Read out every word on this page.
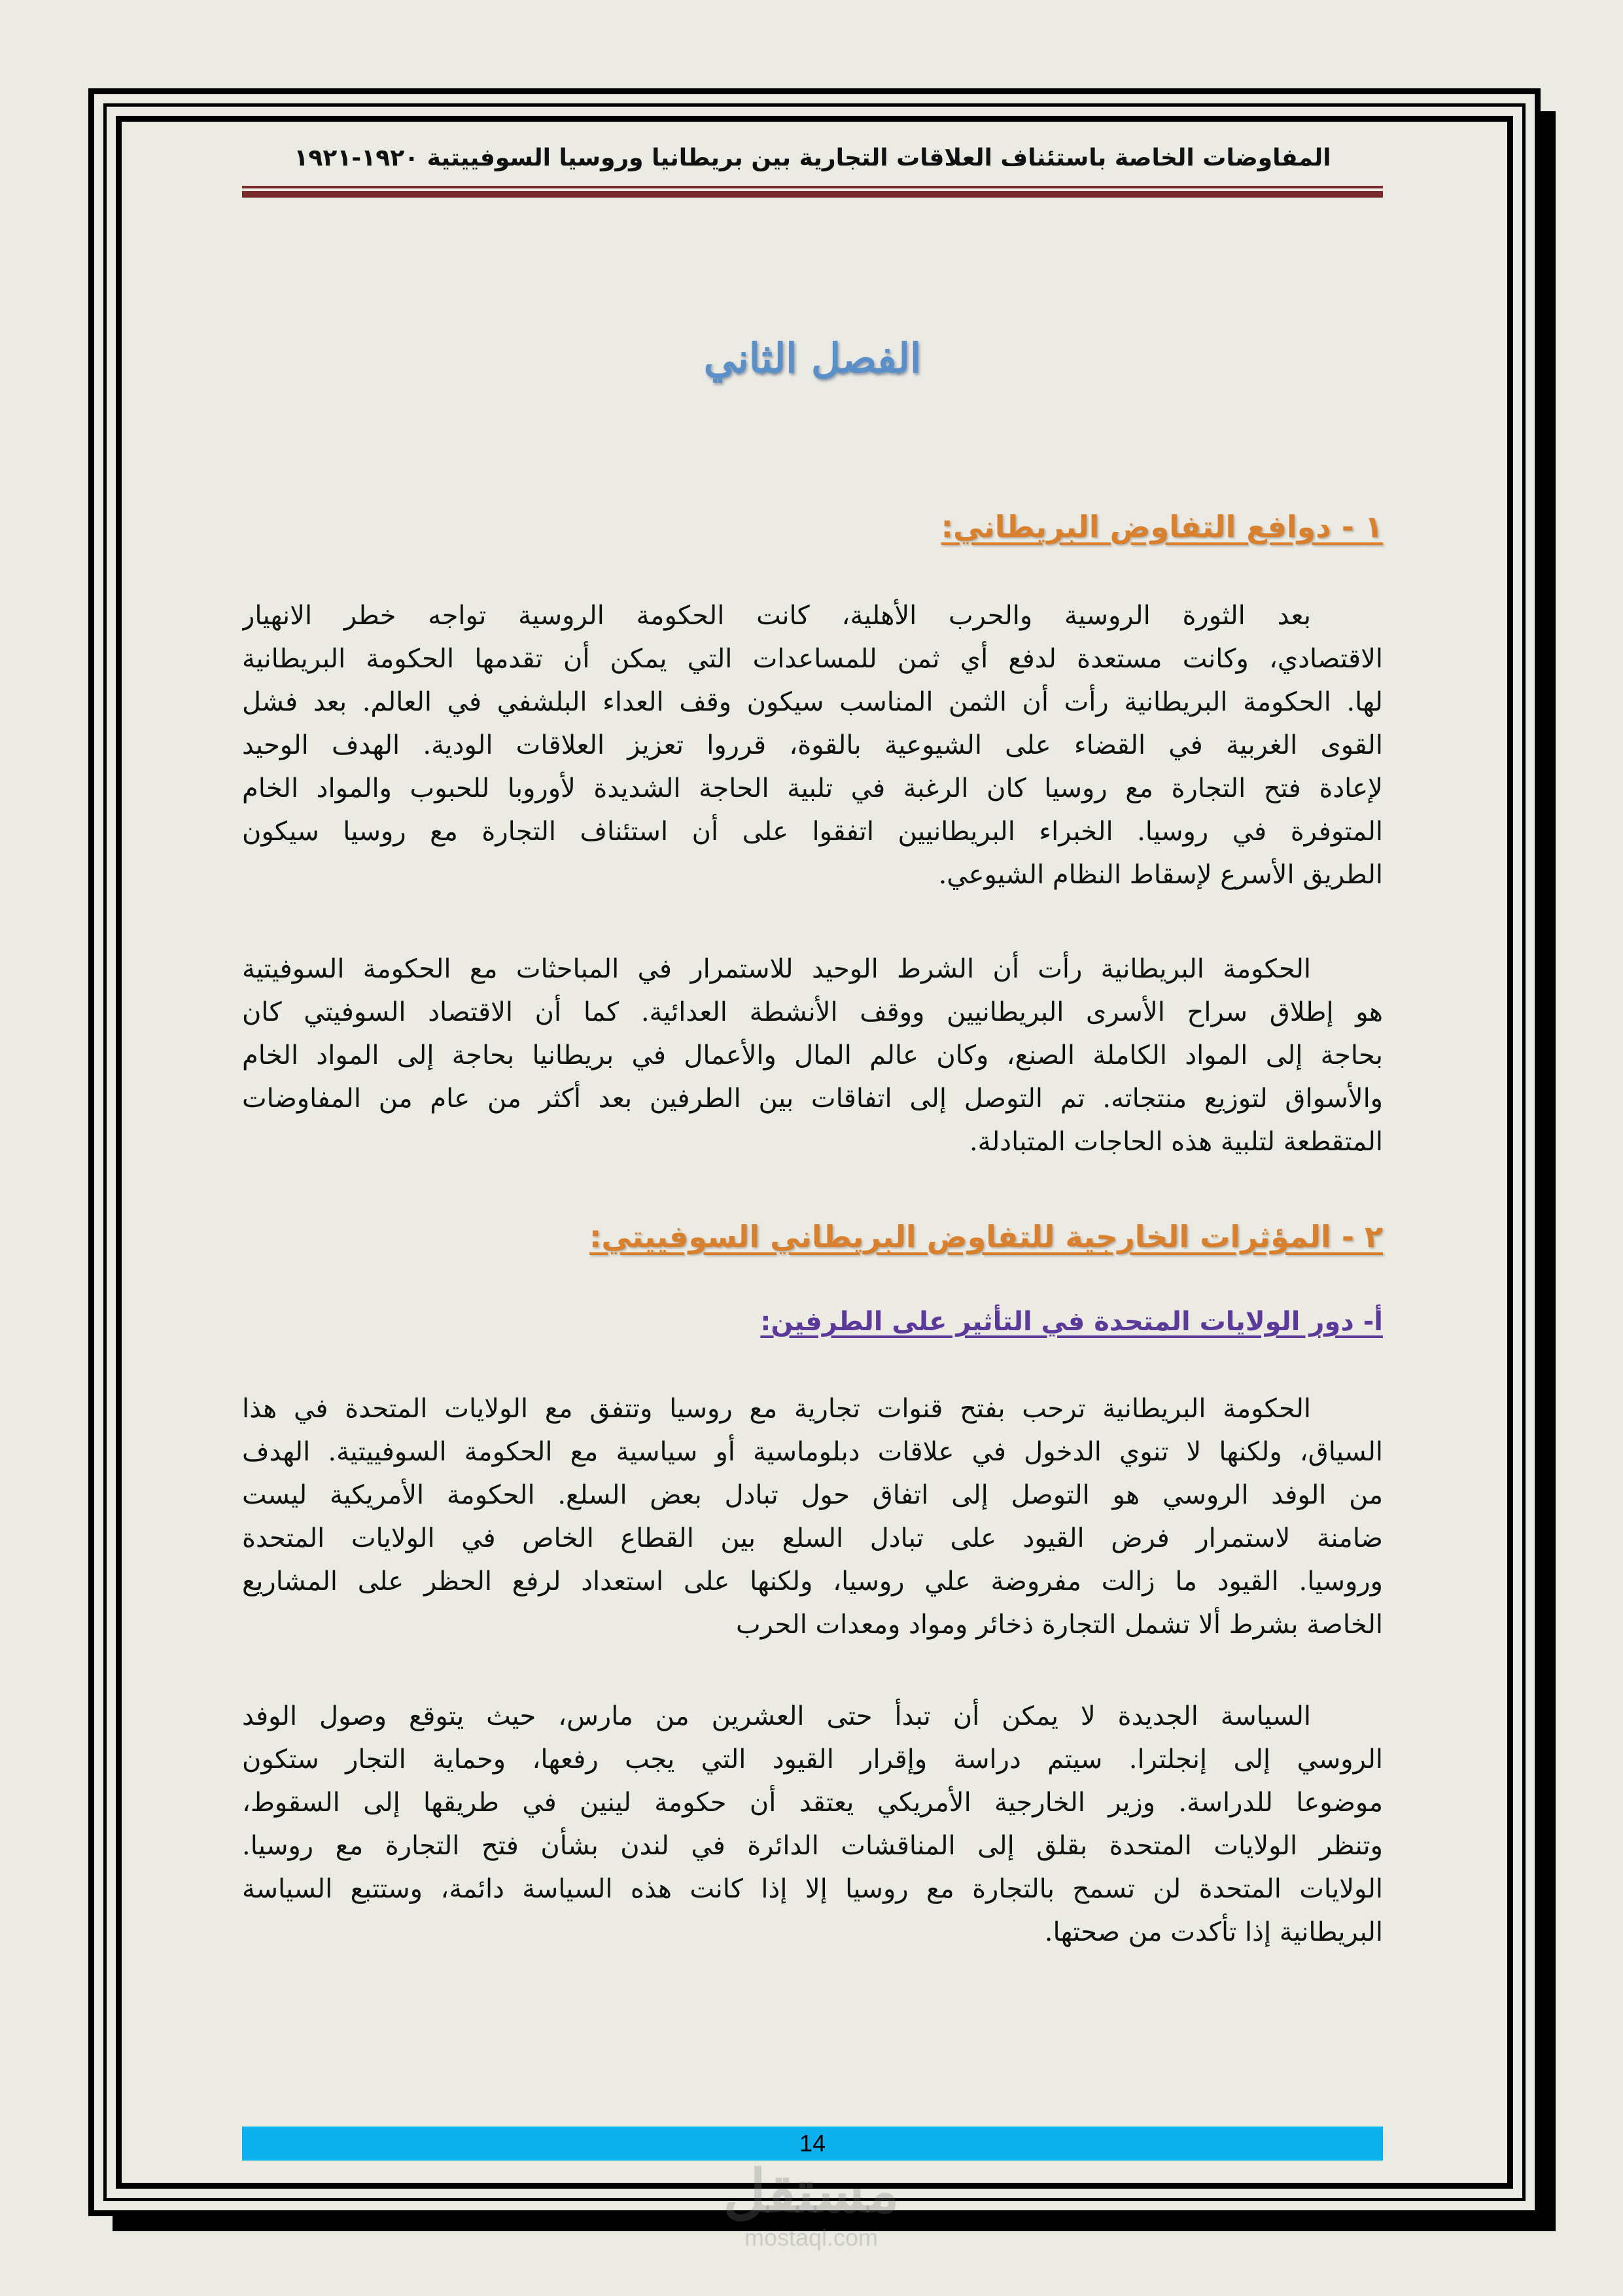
المفاوضات الخاصة باستئناف العلاقات التجارية بين بريطانيا وروسيا السوفييتية ١٩٢٠-١٩٢١
الفصل الثاني
١ - دوافع التفاوض البريطاني:
بعد الثورة الروسية والحرب الأهلية، كانت الحكومة الروسية تواجه خطر الانهيار
الاقتصادي، وكانت مستعدة لدفع أي ثمن للمساعدات التي يمكن أن تقدمها الحكومة البريطانية
لها. الحكومة البريطانية رأت أن الثمن المناسب سيكون وقف العداء البلشفي في العالم. بعد فشل
القوى الغربية في القضاء على الشيوعية بالقوة، قرروا تعزيز العلاقات الودية. الهدف الوحيد
لإعادة فتح التجارة مع روسيا كان الرغبة في تلبية الحاجة الشديدة لأوروبا للحبوب والمواد الخام
المتوفرة في روسيا. الخبراء البريطانيين اتفقوا على أن استئناف التجارة مع روسيا سيكون
الطريق الأسرع لإسقاط النظام الشيوعي.
الحكومة البريطانية رأت أن الشرط الوحيد للاستمرار في المباحثات مع الحكومة السوفيتية
هو إطلاق سراح الأسرى البريطانيين ووقف الأنشطة العدائية. كما أن الاقتصاد السوفيتي كان
بحاجة إلى المواد الكاملة الصنع، وكان عالم المال والأعمال في بريطانيا بحاجة إلى المواد الخام
والأسواق لتوزيع منتجاته. تم التوصل إلى اتفاقات بين الطرفين بعد أكثر من عام من المفاوضات
المتقطعة لتلبية هذه الحاجات المتبادلة.
٢ - المؤثرات الخارجية للتفاوض البريطاني السوفييتي:
أ- دور الولايات المتحدة في التأثير على الطرفين:
الحكومة البريطانية ترحب بفتح قنوات تجارية مع روسيا وتتفق مع الولايات المتحدة في هذا
السياق، ولكنها لا تنوي الدخول في علاقات دبلوماسية أو سياسية مع الحكومة السوفييتية. الهدف
من الوفد الروسي هو التوصل إلى اتفاق حول تبادل بعض السلع. الحكومة الأمريكية ليست
ضامنة لاستمرار فرض القيود على تبادل السلع بين القطاع الخاص في الولايات المتحدة
وروسيا. القيود ما زالت مفروضة علي روسيا، ولكنها على استعداد لرفع الحظر على المشاريع
الخاصة بشرط ألا تشمل التجارة ذخائر ومواد ومعدات الحرب
السياسة الجديدة لا يمكن أن تبدأ حتى العشرين من مارس، حيث يتوقع وصول الوفد
الروسي إلى إنجلترا. سيتم دراسة وإقرار القيود التي يجب رفعها، وحماية التجار ستكون
موضوعا للدراسة. وزير الخارجية الأمريكي يعتقد أن حكومة لينين في طريقها إلى السقوط،
وتنظر الولايات المتحدة بقلق إلى المناقشات الدائرة في لندن بشأن فتح التجارة مع روسيا.
الولايات المتحدة لن تسمح بالتجارة مع روسيا إلا إذا كانت هذه السياسة دائمة، وستتبع السياسة
البريطانية إذا تأكدت من صحتها.
14
مستقل
mostaql.com
